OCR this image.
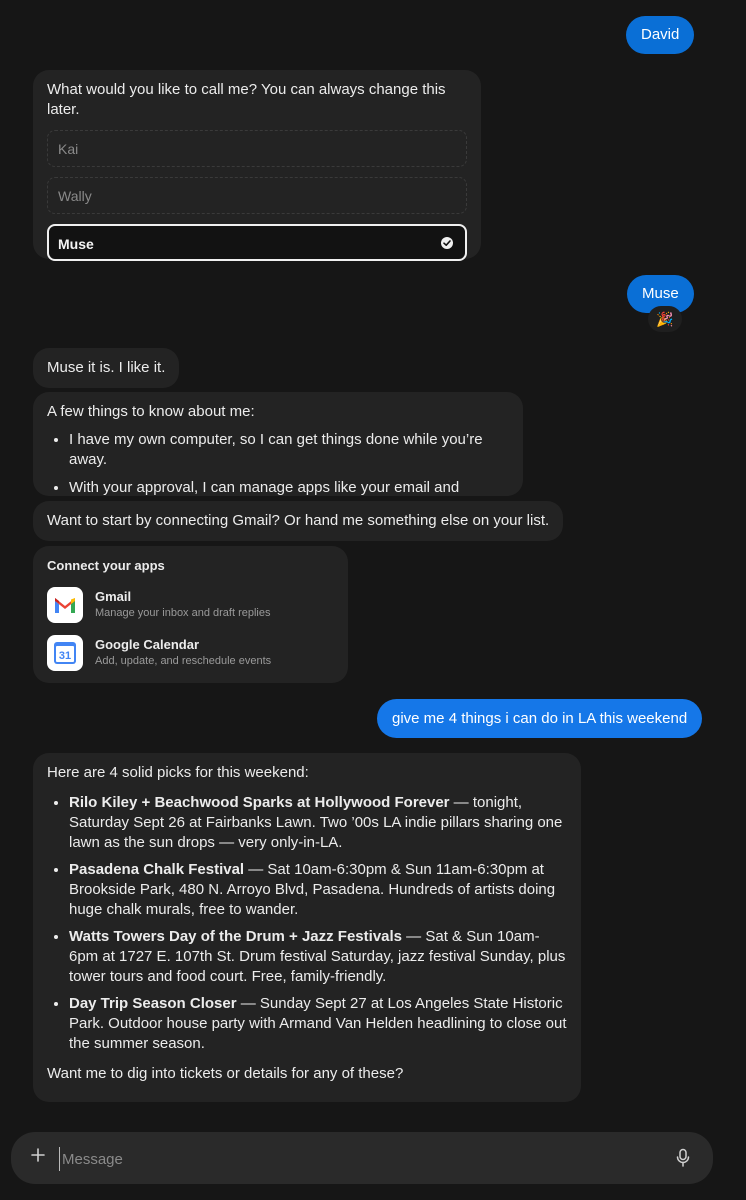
David
What would you like to call me? You can always change this later.
Kai
Wally
Muse
Muse
🎉
Muse it is. I like it.
A few things to know about me:
• I have my own computer, so I can get things done while you’re away.
• With your approval, I can manage apps like your email and
Want to start by connecting Gmail? Or hand me something else on your list.
Connect your apps
Gmail
Manage your inbox and draft replies
31
Google Calendar
Add, update, and reschedule events
give me 4 things i can do in LA this weekend
Here are 4 solid picks for this weekend:
• Rilo Kiley + Beachwood Sparks at Hollywood Forever — tonight, Saturday Sept 26 at Fairbanks Lawn. Two ’00s LA indie pillars sharing one lawn as the sun drops — very only-in-LA.
• Pasadena Chalk Festival — Sat 10am-6:30pm & Sun 11am-6:30pm at Brookside Park, 480 N. Arroyo Blvd, Pasadena. Hundreds of artists doing huge chalk murals, free to wander.
• Watts Towers Day of the Drum + Jazz Festivals — Sat & Sun 10am-6pm at 1727 E. 107th St. Drum festival Saturday, jazz festival Sunday, plus tower tours and food court. Free, family-friendly.
• Day Trip Season Closer — Sunday Sept 27 at Los Angeles State Historic Park. Outdoor house party with Armand Van Helden headlining to close out the summer season.
Want me to dig into tickets or details for any of these?
Message
